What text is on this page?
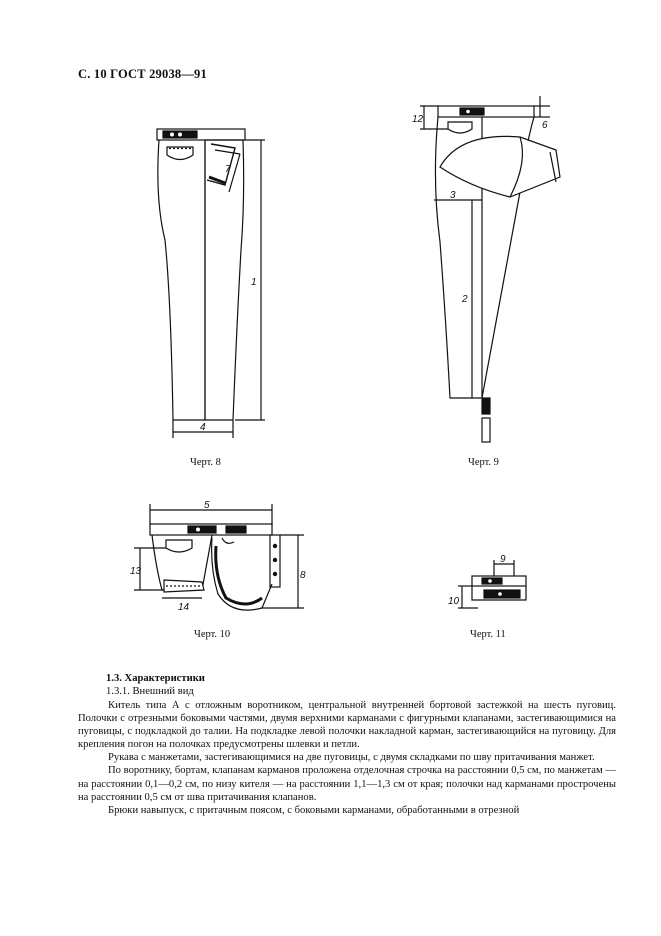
С. 10 ГОСТ 29038—91
7
1
4
Черт. 8
12
6
3
2
Черт. 9
5
13	8
14
Черт. 10
9
10
Черт. 11
1.3. Характеристики
1.3.1. Внешний вид

Китель типа А с отложным воротником, центральной внутренней бортовой застежкой на шесть пуговиц. Полочки с отрезными боковыми частями, двумя верхними карманами с фигурными клапанами, застегивающимися на пуговицы, с подкладкой до талии. На подкладке левой полочки накладной карман, застегивающийся на пуговицу. Для крепления погон на полочках предусмотрены шлевки и петли.

Рукава с манжетами, застегивающимися на две пуговицы, с двумя складками по шву притачивания манжет.

По воротнику, бортам, клапанам карманов проложена отделочная строчка на расстоянии 0,5 см, по манжетам — на расстоянии 0,1—0,2 см, по низу кителя — на расстоянии 1,1—1,3 см от края; полочки над карманами прострочены на расстоянии 0,5 см от шва притачивания клапанов.

Брюки навыпуск, с притачным поясом, с боковыми карманами, обработанными в отрезной
